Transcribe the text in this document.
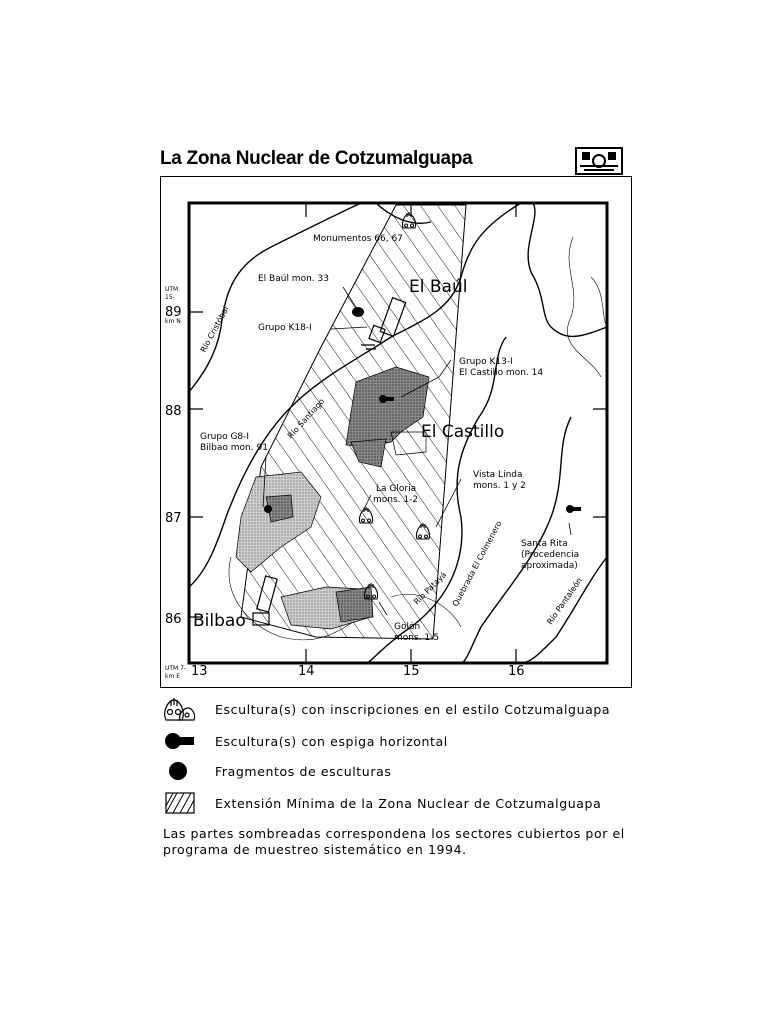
La Zona Nuclear de Cotzumalguapa
Monumentos 66, 67
El Baúl mon. 33
Grupo K18-I
El Baúl
Grupo K13-I
El Castillo mon. 14
El Castillo
Grupo G8-I
Bilbao mon. 91
La Gloria
mons. 1-2
Vista Linda
mons. 1 y 2
Santa Rita
(Procedencia
aproximada)
Bilbao	Golón
mons. 1-5
Río Cristóbal
Río Santiago
Río Patayá Quebrada El Colmenero	Río Pantaleón
UTM
15-
km N
89
88
87
86
UTM 7-
km E 13	14	15	16
Escultura(s) con inscripciones en el estilo Cotzumalguapa
Escultura(s) con espiga horizontal
Fragmentos de esculturas
Extensión Mínima de la Zona Nuclear de Cotzumalguapa
Las partes sombreadas correspondena los sectores cubiertos por el programa de muestreo sistemático en 1994.
